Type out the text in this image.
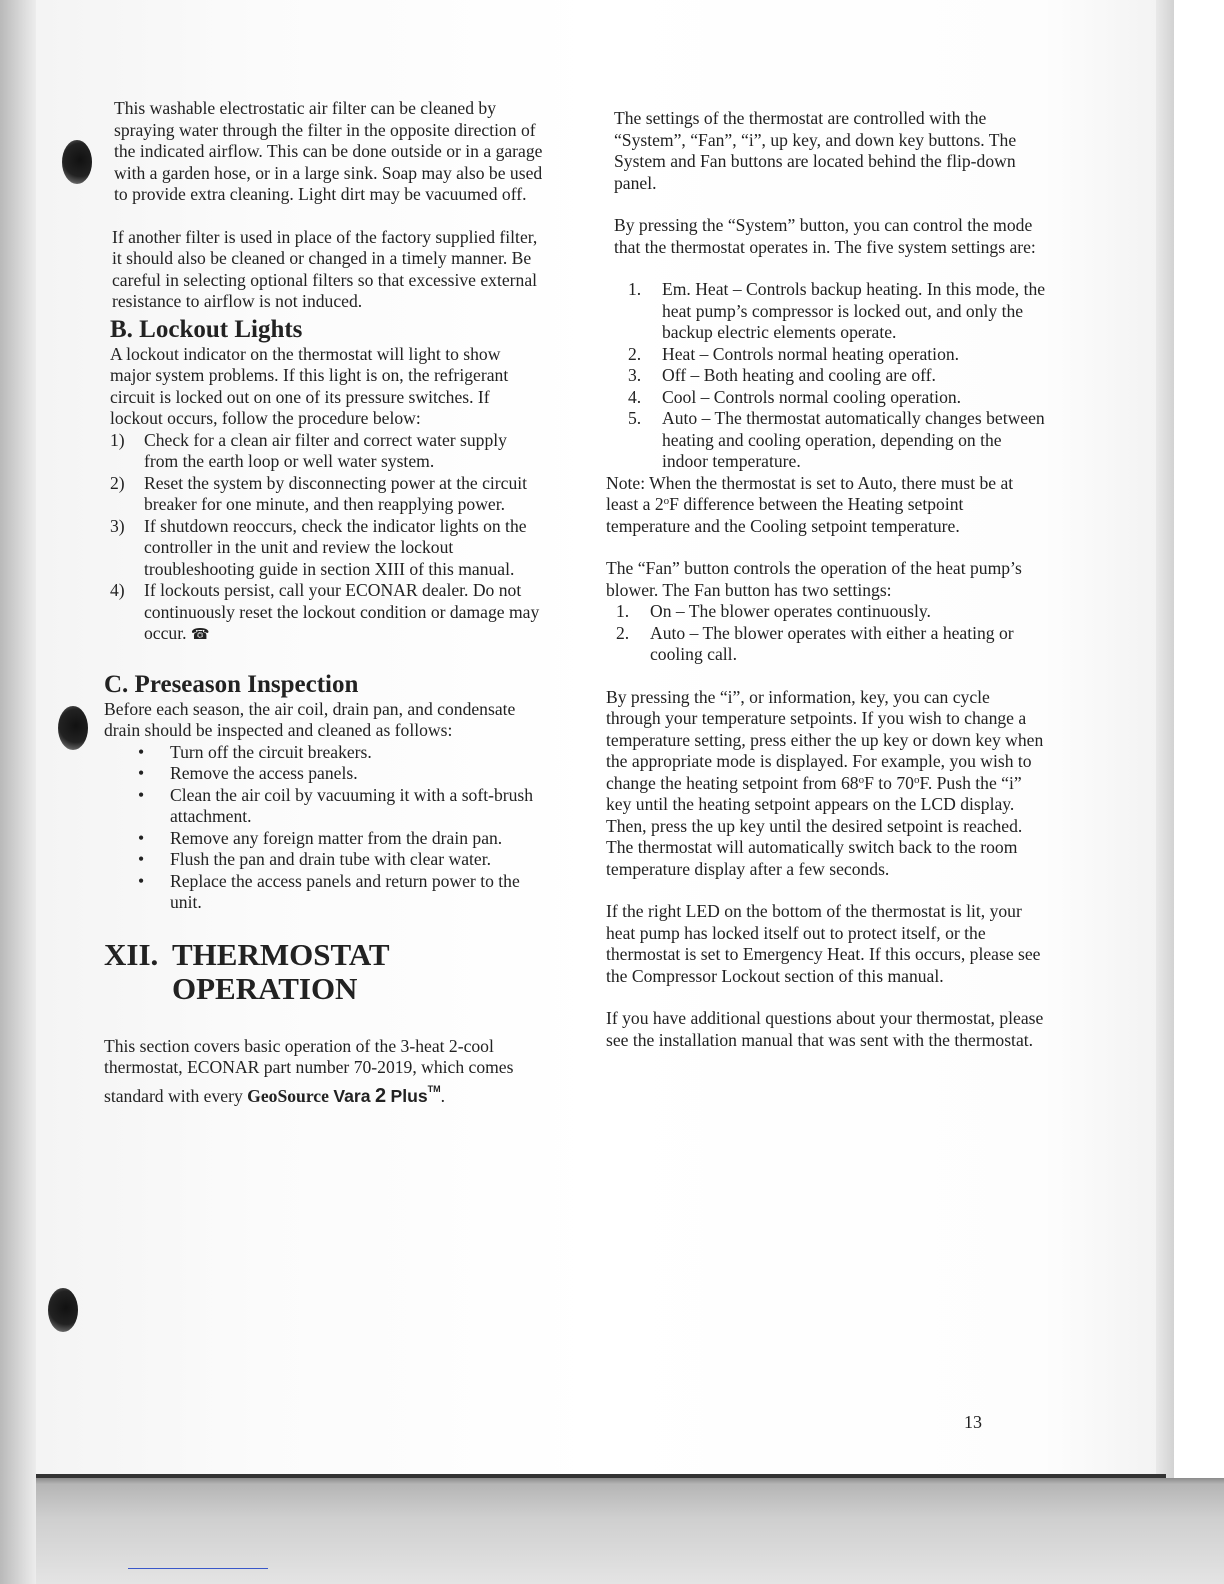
This washable electrostatic air filter can be cleaned by spraying water through the filter in the opposite direction of the indicated airflow. This can be done outside or in a garage with a garden hose, or in a large sink. Soap may also be used to provide extra cleaning. Light dirt may be vacuumed off.

If another filter is used in place of the factory supplied filter, it should also be cleaned or changed in a timely manner. Be careful in selecting optional filters so that excessive external resistance to airflow is not induced.

B. Lockout Lights

A lockout indicator on the thermostat will light to show major system problems. If this light is on, the refrigerant circuit is locked out on one of its pressure switches. If lockout occurs, follow the procedure below:

1) Check for a clean air filter and correct water supply from the earth loop or well water system.
2) Reset the system by disconnecting power at the circuit breaker for one minute, and then reapplying power.
3) If shutdown reoccurs, check the indicator lights on the controller in the unit and review the lockout troubleshooting guide in section XIII of this manual.
4) If lockouts persist, call your ECONAR dealer. Do not continuously reset the lockout condition or damage may occur. ☎
C. Preseason Inspection

Before each season, the air coil, drain pan, and condensate drain should be inspected and cleaned as follows:

• Turn off the circuit breakers.
• Remove the access panels.
• Clean the air coil by vacuuming it with a soft-brush attachment.
• Remove any foreign matter from the drain pan.
• Flush the pan and drain tube with clear water.
• Replace the access panels and return power to the unit.
XII. THERMOSTAT
OPERATION

This section covers basic operation of the 3-heat 2-cool thermostat, ECONAR part number 70-2019, which comes standard with every GeoSource Vara 2 Plus™.

The settings of the thermostat are controlled with the “System”, “Fan”, “i”, up key, and down key buttons. The System and Fan buttons are located behind the flip-down panel.

By pressing the “System” button, you can control the mode that the thermostat operates in. The five system settings are:

1. Em. Heat – Controls backup heating. In this mode, the heat pump’s compressor is locked out, and only the backup electric elements operate.
2. Heat – Controls normal heating operation.
3. Off – Both heating and cooling are off.
4. Cool – Controls normal cooling operation.
5. Auto – The thermostat automatically changes between heating and cooling operation, depending on the indoor temperature.

Note: When the thermostat is set to Auto, there must be at least a 2$^o$F difference between the Heating setpoint temperature and the Cooling setpoint temperature.

The “Fan” button controls the operation of the heat pump’s blower. The Fan button has two settings:

1. On – The blower operates continuously.
2. Auto – The blower operates with either a heating or cooling call.

By pressing the “i”, or information, key, you can cycle through your temperature setpoints. If you wish to change a temperature setting, press either the up key or down key when the appropriate mode is displayed. For example, you wish to change the heating setpoint from 68$^o$F to 70$^o$F. Push the “i” key until the heating setpoint appears on the LCD display. Then, press the up key until the desired setpoint is reached. The thermostat will automatically switch back to the room temperature display after a few seconds.

If the right LED on the bottom of the thermostat is lit, your heat pump has locked itself out to protect itself, or the thermostat is set to Emergency Heat. If this occurs, please see the Compressor Lockout section of this manual.

If you have additional questions about your thermostat, please see the installation manual that was sent with the thermostat.

13
